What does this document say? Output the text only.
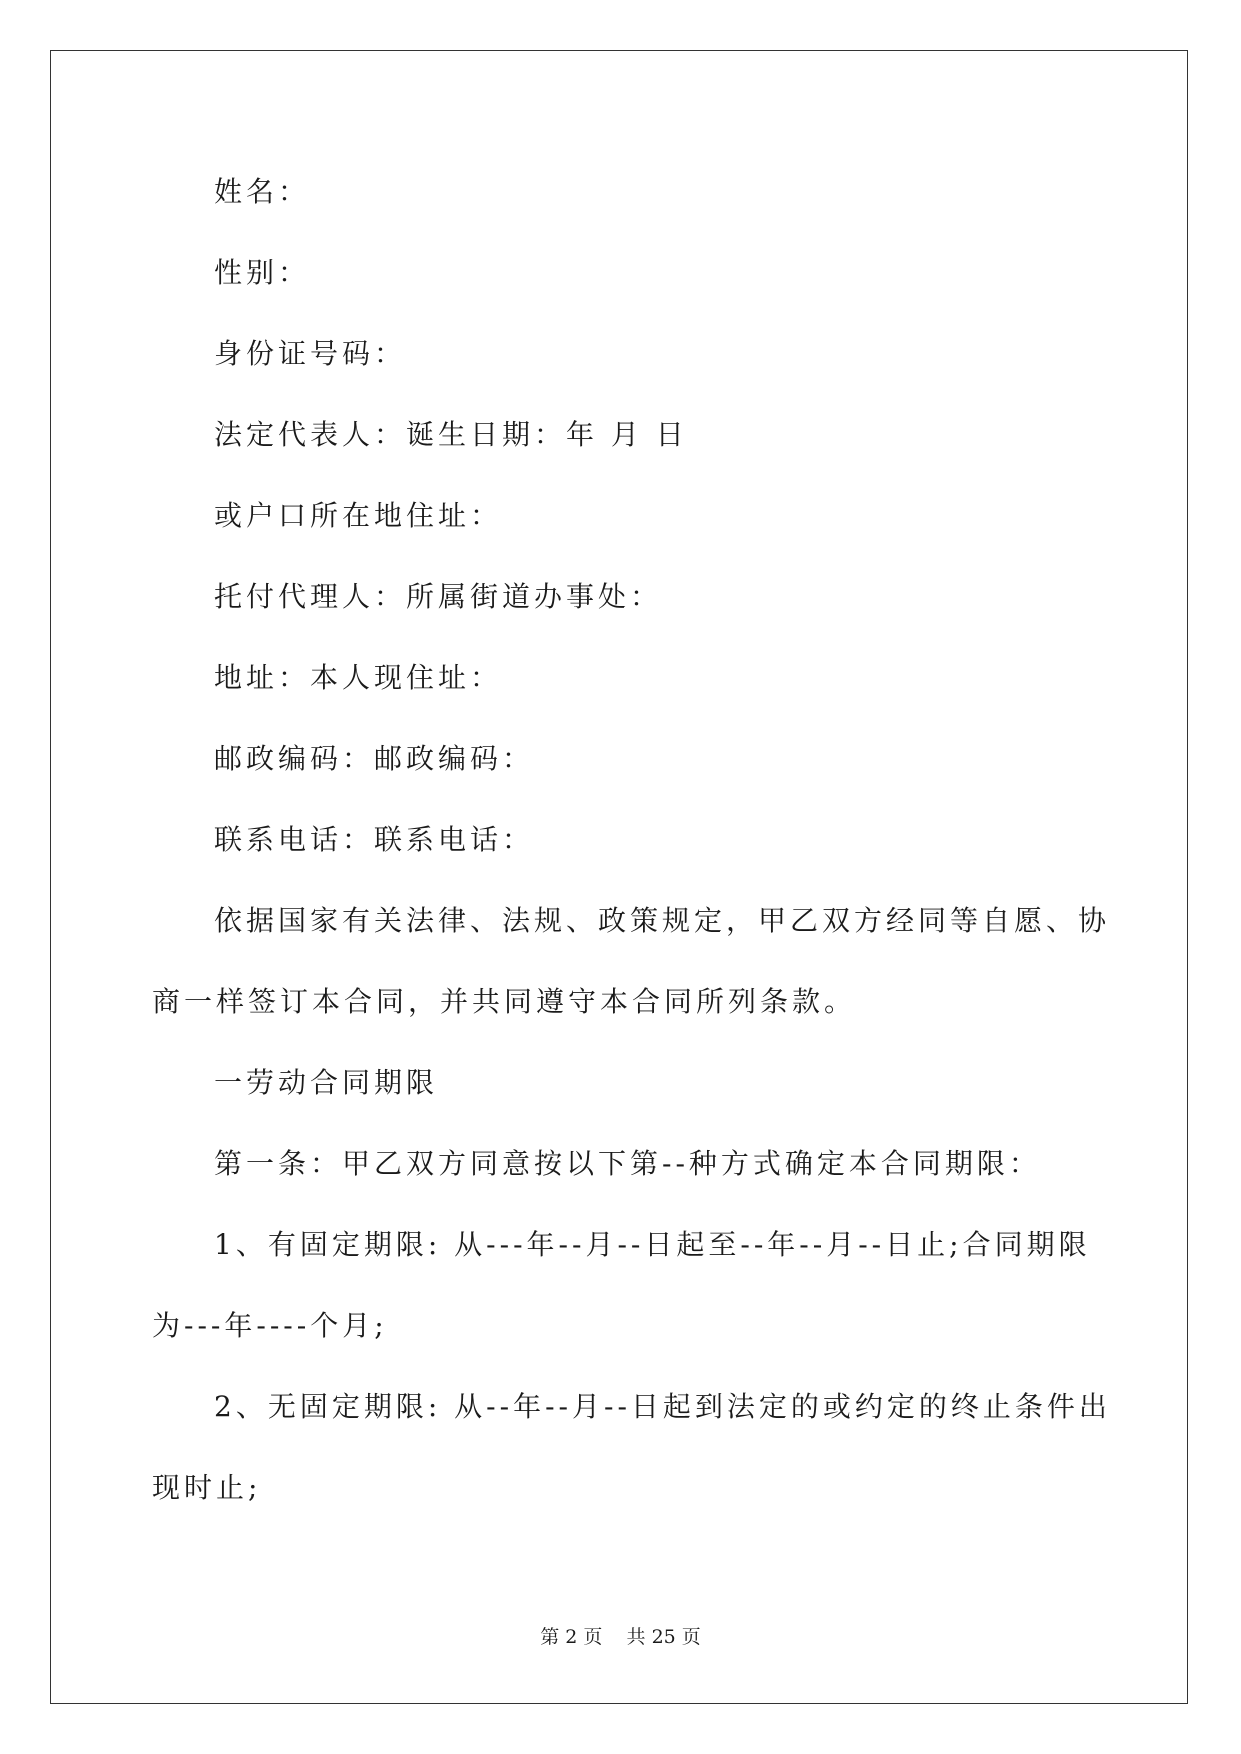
姓名：
性别：
身份证号码：
法定代表人：诞生日期：年 月 日
或户口所在地住址：
托付代理人：所属街道办事处：
地址：本人现住址：
邮政编码：邮政编码：
联系电话：联系电话：
依据国家有关法律、法规、政策规定，甲乙双方经同等自愿、协
商一样签订本合同，并共同遵守本合同所列条款。
一劳动合同期限
第一条：甲乙双方同意按以下第--种方式确定本合同期限：
1、有固定期限: 从---年--月--日起至--年--月--日止;合同期限
为---年----个月;
2、无固定期限: 从--年--月--日起到法定的或约定的终止条件出
现时止;
第 2 页    共 25 页
